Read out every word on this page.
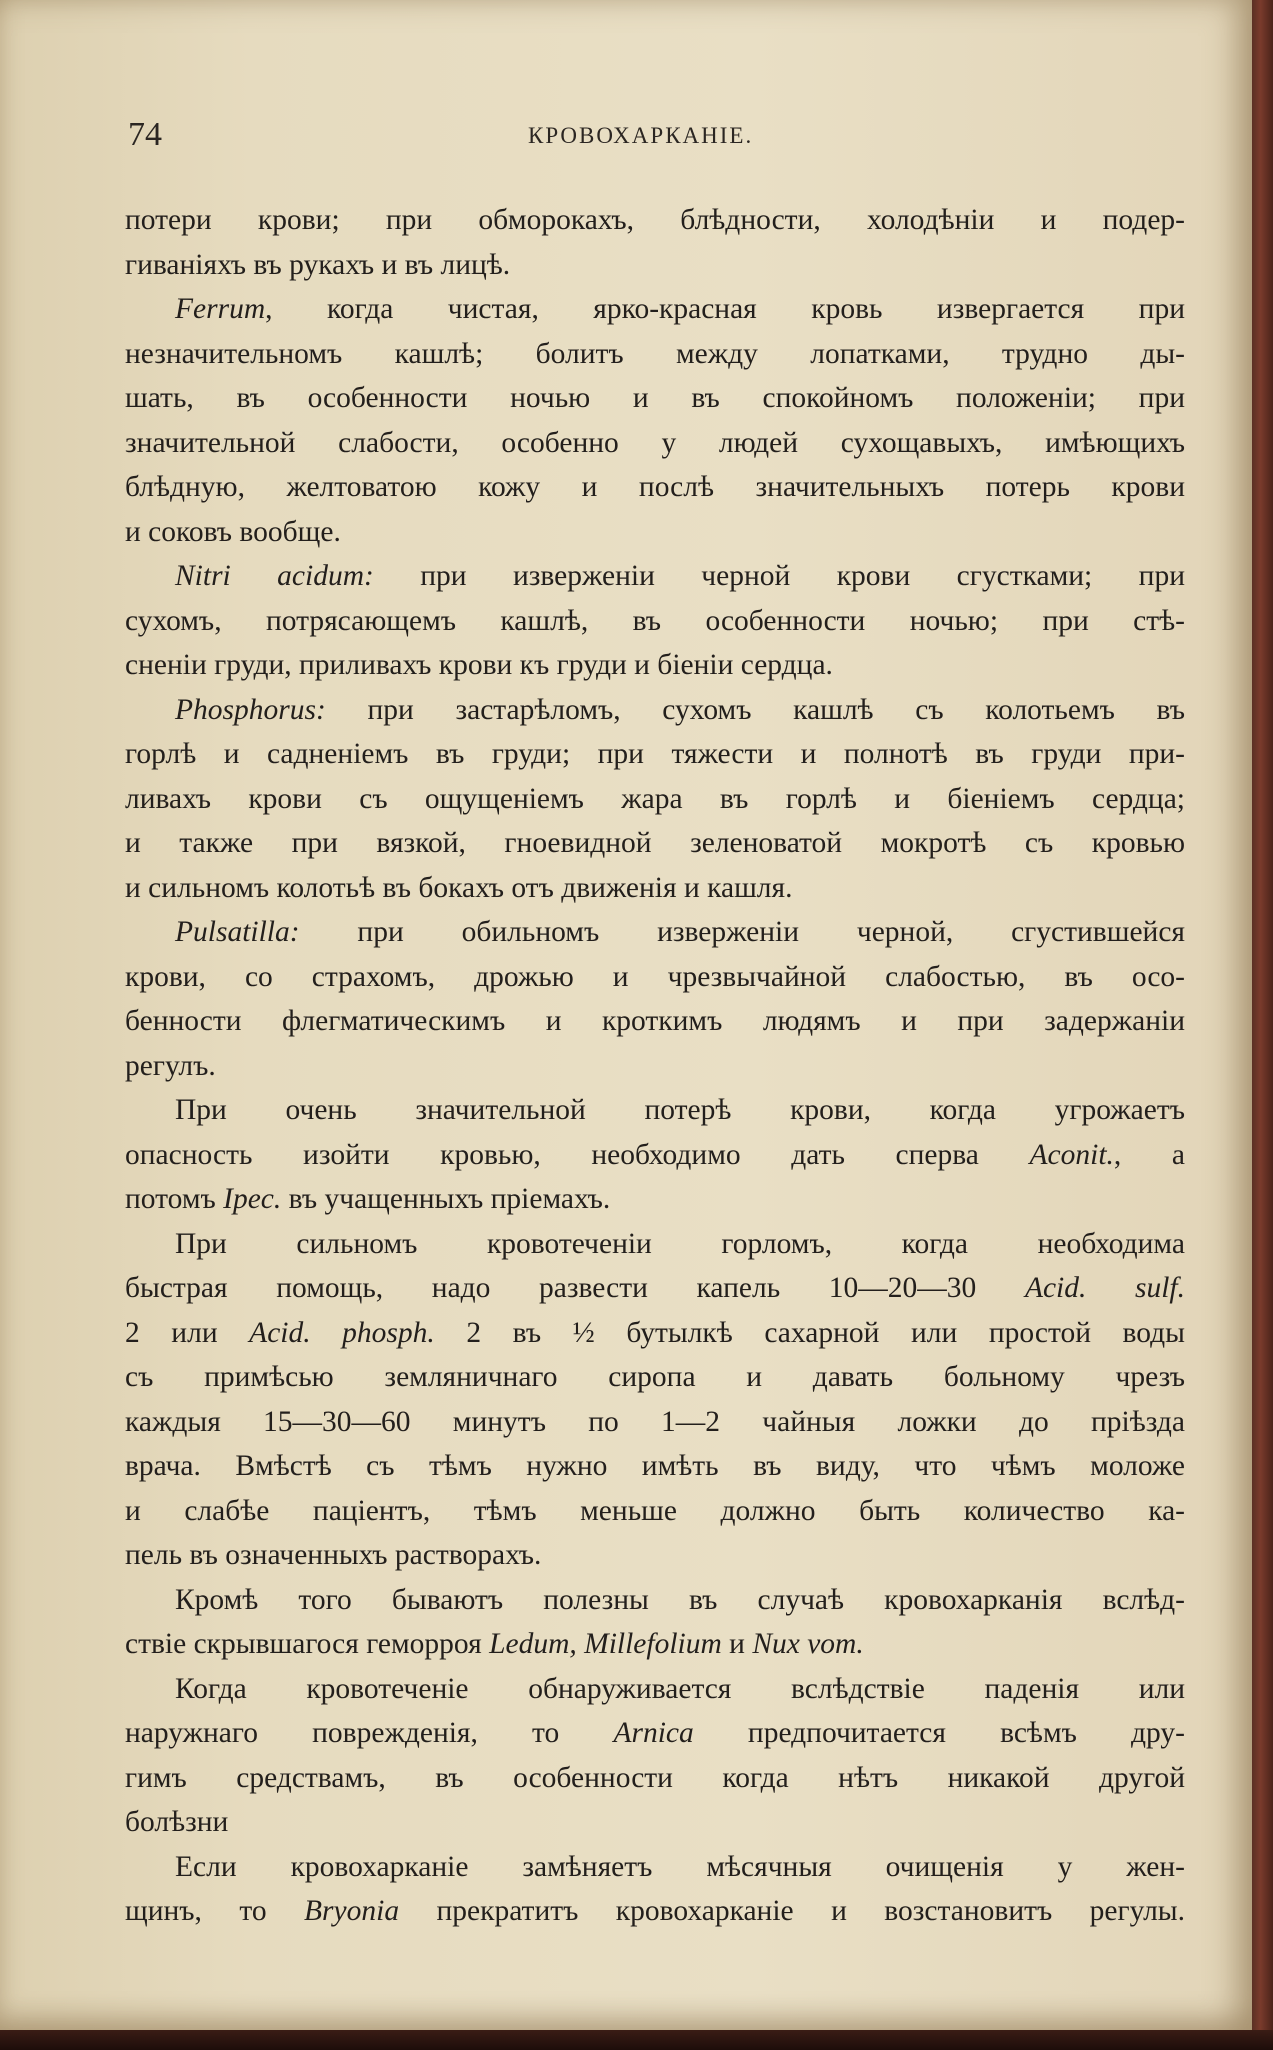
74	КРОВОХАРКАНІЕ.
потери крови; при обморокахъ, блѣдности, холодѣніи и подер-
гиваніяхъ въ рукахъ и въ лицѣ.
Ferrum, когда чистая, ярко-красная кровь извергается при
незначительномъ кашлѣ; болитъ между лопатками, трудно ды-
шать, въ особенности ночью и въ спокойномъ положеніи; при
значительной слабости, особенно у людей сухощавыхъ, имѣющихъ
блѣдную, желтоватою кожу и послѣ значительныхъ потерь крови
и соковъ вообще.
Nitri acidum: при изверженіи черной крови сгустками; при
сухомъ, потрясающемъ кашлѣ, въ особенности ночью; при стѣ-
сненіи груди, приливахъ крови къ груди и біеніи сердца.
Phosphorus: при застарѣломъ, сухомъ кашлѣ съ колотьемъ въ
горлѣ и садненіемъ въ груди; при тяжести и полнотѣ въ груди при-
ливахъ крови съ ощущеніемъ жара въ горлѣ и біеніемъ сердца;
и также при вязкой, гноевидной зеленоватой мокротѣ съ кровью
и сильномъ колотьѣ въ бокахъ отъ движенія и кашля.
Pulsatilla: при обильномъ изверженіи черной, сгустившейся
крови, со страхомъ, дрожью и чрезвычайной слабостью, въ осо-
бенности флегматическимъ и кроткимъ людямъ и при задержаніи
регулъ.
При очень значительной потерѣ крови, когда угрожаетъ
опасность изойти кровью, необходимо дать сперва Aconit., а
потомъ Ipec. въ учащенныхъ пріемахъ.
При сильномъ кровотеченіи горломъ, когда необходима
быстрая помощь, надо развести капель 10—20—30 Acid. sulf.
2 или Acid. phosph. 2 въ ½ бутылкѣ сахарной или простой воды
съ примѣсью земляничнаго сиропа и давать больному чрезъ
каждыя 15—30—60 минутъ по 1—2 чайныя ложки до пріѣзда
врача. Вмѣстѣ съ тѣмъ нужно имѣть въ виду, что чѣмъ моложе
и слабѣе паціентъ, тѣмъ меньше должно быть количество ка-
пель въ означенныхъ растворахъ.
Кромѣ того бываютъ полезны въ случаѣ кровохарканія вслѣд-
ствіе скрывшагося геморроя Ledum, Millefolium и Nux vom.
Когда кровотеченіе обнаруживается вслѣдствіе паденія или
наружнаго поврежденія, то Arnica предпочитается всѣмъ дру-
гимъ средствамъ, въ особенности когда нѣтъ никакой другой
болѣзни
Если кровохарканіе замѣняетъ мѣсячныя очищенія у жен-
щинъ, то Bryonia прекратитъ кровохарканіе и возстановитъ регулы.
